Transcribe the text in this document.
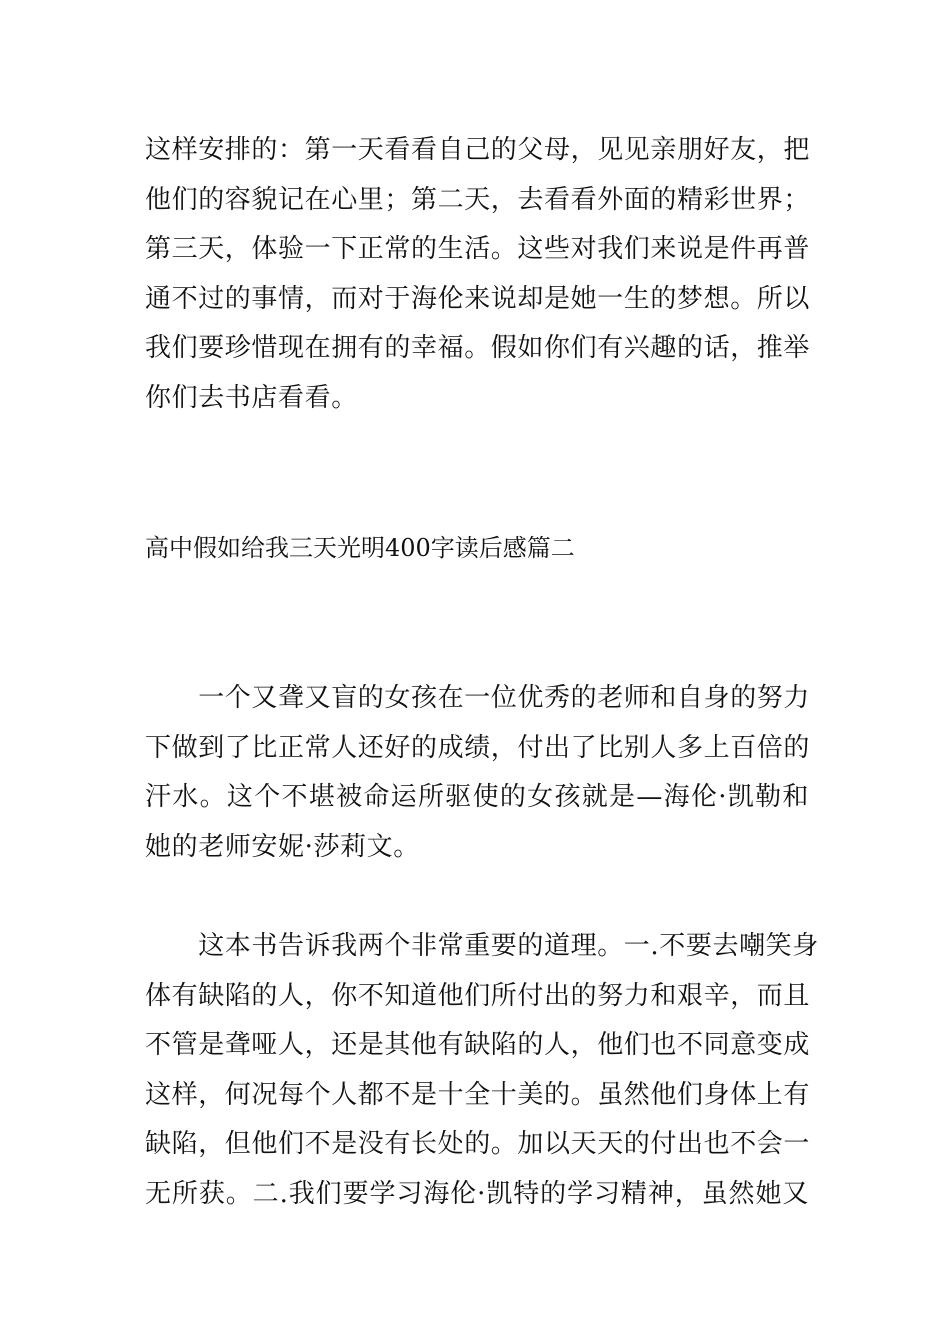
这样安排的：第一天看看自己的父母，见见亲朋好友，把
他们的容貌记在心里；第二天，去看看外面的精彩世界；
第三天，体验一下正常的生活。这些对我们来说是件再普
通不过的事情，而对于海伦来说却是她一生的梦想。所以
我们要珍惜现在拥有的幸福。假如你们有兴趣的话，推举
你们去书店看看。

高中假如给我三天光明400字读后感篇二

　　一个又聋又盲的女孩在一位优秀的老师和自身的努力
下做到了比正常人还好的成绩，付出了比别人多上百倍的
汗水。这个不堪被命运所驱使的女孩就是—海伦·凯勒和
她的老师安妮·莎莉文。

　　这本书告诉我两个非常重要的道理。一.不要去嘲笑身
体有缺陷的人，你不知道他们所付出的努力和艰辛，而且
不管是聋哑人，还是其他有缺陷的人，他们也不同意变成
这样，何况每个人都不是十全十美的。虽然他们身体上有
缺陷，但他们不是没有长处的。加以天天的付出也不会一
无所获。二.我们要学习海伦·凯特的学习精神，虽然她又
